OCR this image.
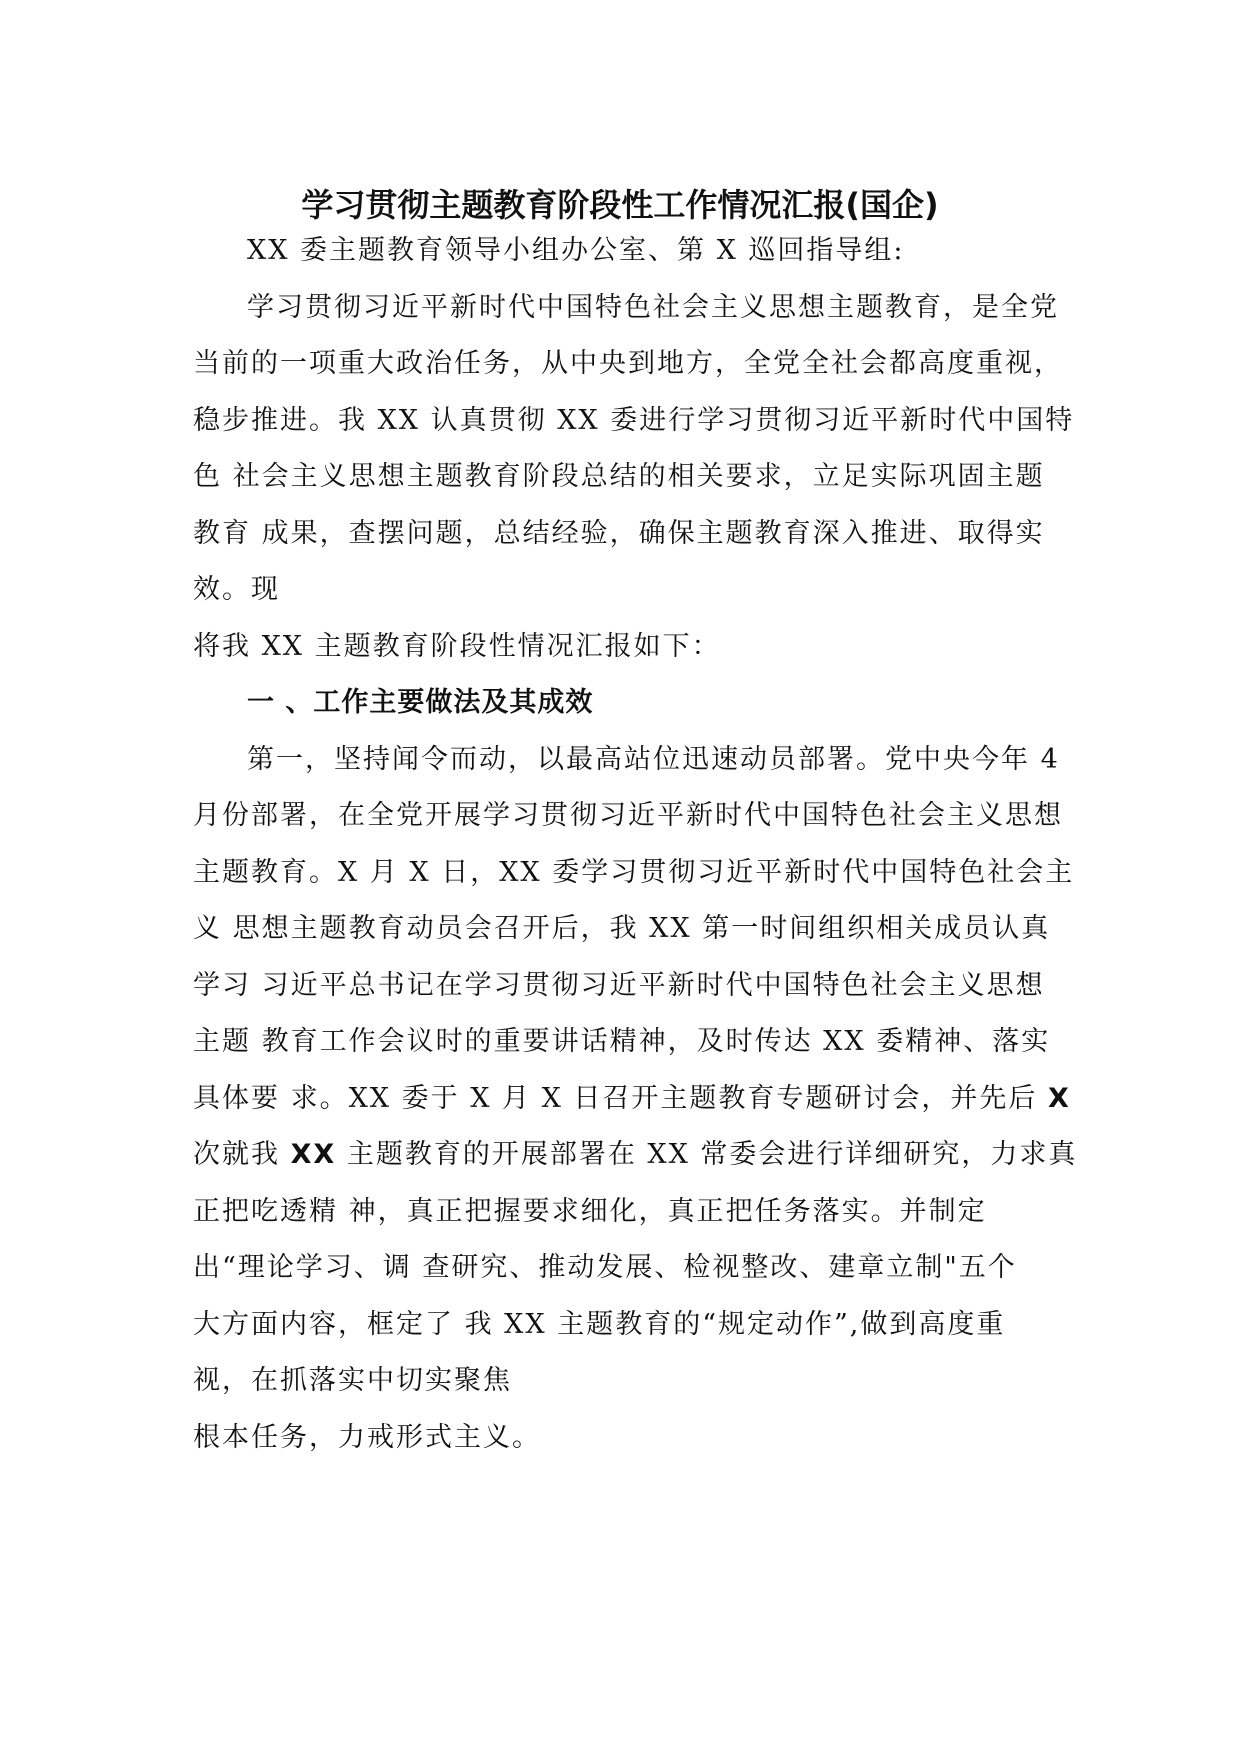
学习贯彻主题教育阶段性工作情况汇报(国企)
XX 委主题教育领导小组办公室、第 X 巡回指导组:
学习贯彻习近平新时代中国特色社会主义思想主题教育，是全党
当前的一项重大政治任务，从中央到地方，全党全社会都高度重视，
稳步推进。我 XX 认真贯彻 XX 委进行学习贯彻习近平新时代中国特
色 社会主义思想主题教育阶段总结的相关要求，立足实际巩固主题
教育 成果，查摆问题，总结经验，确保主题教育深入推进、取得实
效。现
将我 XX 主题教育阶段性情况汇报如下：
一 、工作主要做法及其成效
第一，坚持闻令而动，以最高站位迅速动员部署。党中央今年 4
月份部署，在全党开展学习贯彻习近平新时代中国特色社会主义思想
主题教育。X 月 X 日，XX 委学习贯彻习近平新时代中国特色社会主
义 思想主题教育动员会召开后，我 XX 第一时间组织相关成员认真
学习 习近平总书记在学习贯彻习近平新时代中国特色社会主义思想
主题 教育工作会议时的重要讲话精神，及时传达 XX 委精神、落实
具体要 求。XX 委于 X 月 X 日召开主题教育专题研讨会，并先后 X
次就我 XX 主题教育的开展部署在 XX 常委会进行详细研究，力求真
正把吃透精 神，真正把握要求细化，真正把任务落实。并制定
出“理论学习、调 查研究、推动发展、检视整改、建章立制"五个
大方面内容，框定了 我 XX 主题教育的“规定动作”,做到高度重
视，在抓落实中切实聚焦
根本任务，力戒形式主义。
